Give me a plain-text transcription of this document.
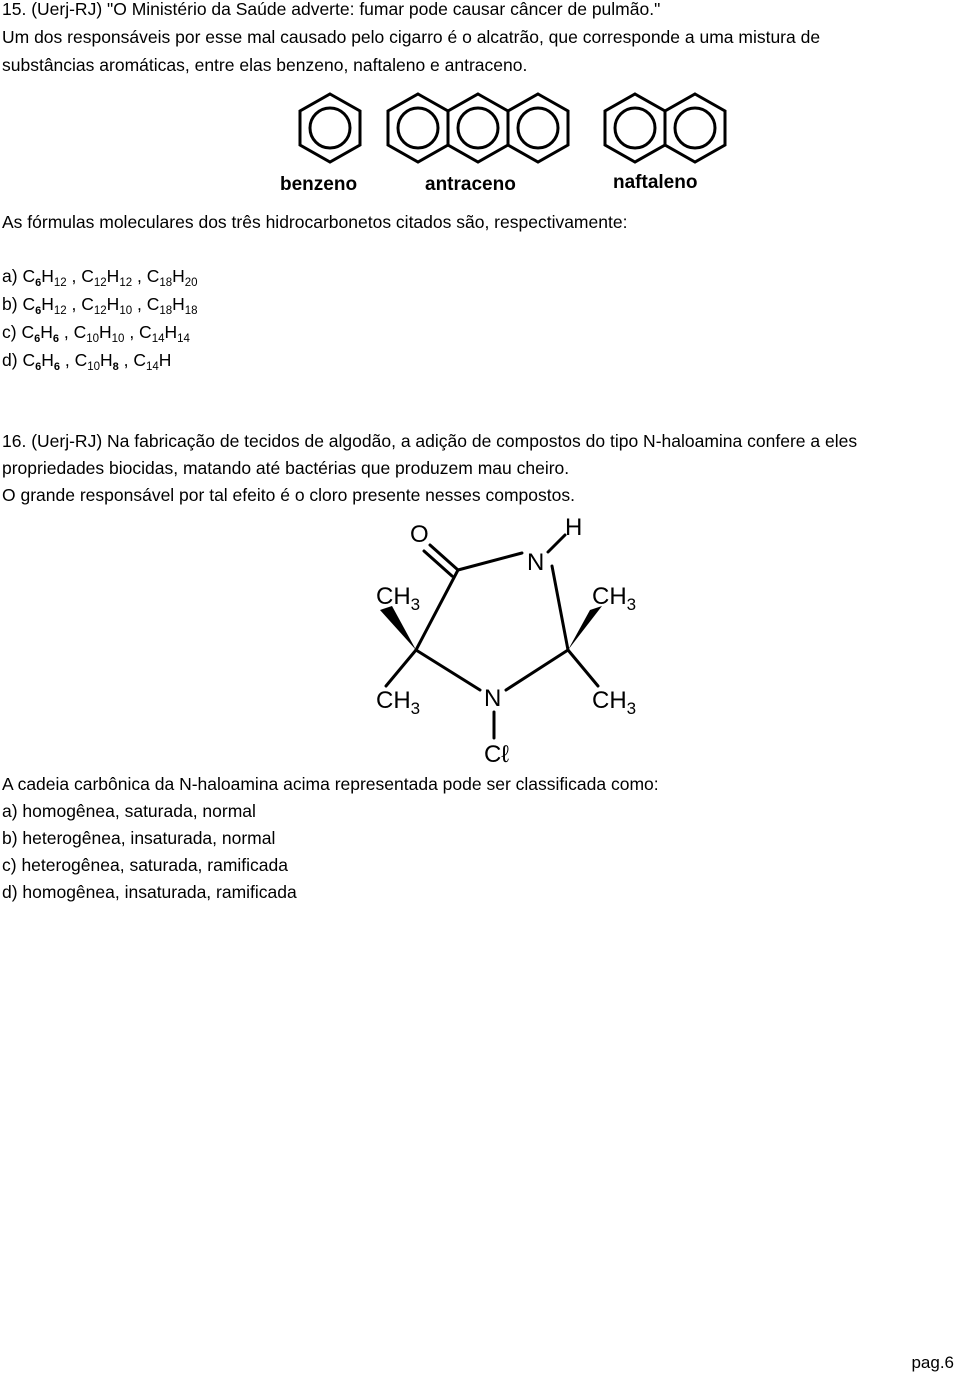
15. (Uerj-RJ) "O Ministério da Saúde adverte: fumar pode causar câncer de pulmão."
Um dos responsáveis por esse mal causado pelo cigarro é o alcatrão, que corresponde a uma mistura de
substâncias aromáticas, entre elas benzeno, naftaleno e antraceno.
benzeno	antraceno	naftaleno
As fórmulas moleculares dos três hidrocarbonetos citados são, respectivamente:
a) $C_6H_{12}$ , $C_{12}H_{12}$ , $C_{18}H_{20}$
b) $C_6H_{12}$ , $C_{12}H_{10}$ , $C_{18}H_{18}$
c) $C_6H_6$ , $C_{10}H_{10}$ , $C_{14}H_{14}$
d) $C_6H_6$ , $C_{10}H_8$ , $C_{14}H$
16. (Uerj-RJ) Na fabricação de tecidos de algodão, a adição de compostos do tipo N-haloamina confere a eles
propriedades biocidas, matando até bactérias que produzem mau cheiro.
O grande responsável por tal efeito é o cloro presente nesses compostos.
O
N
H
N
Cℓ
$CH_3$	$CH_3$
$CH_3$	$CH_3$
A cadeia carbônica da N-haloamina acima representada pode ser classificada como:
a) homogênea, saturada, normal
b) heterogênea, insaturada, normal
c) heterogênea, saturada, ramificada
d) homogênea, insaturada, ramificada
pag.6
